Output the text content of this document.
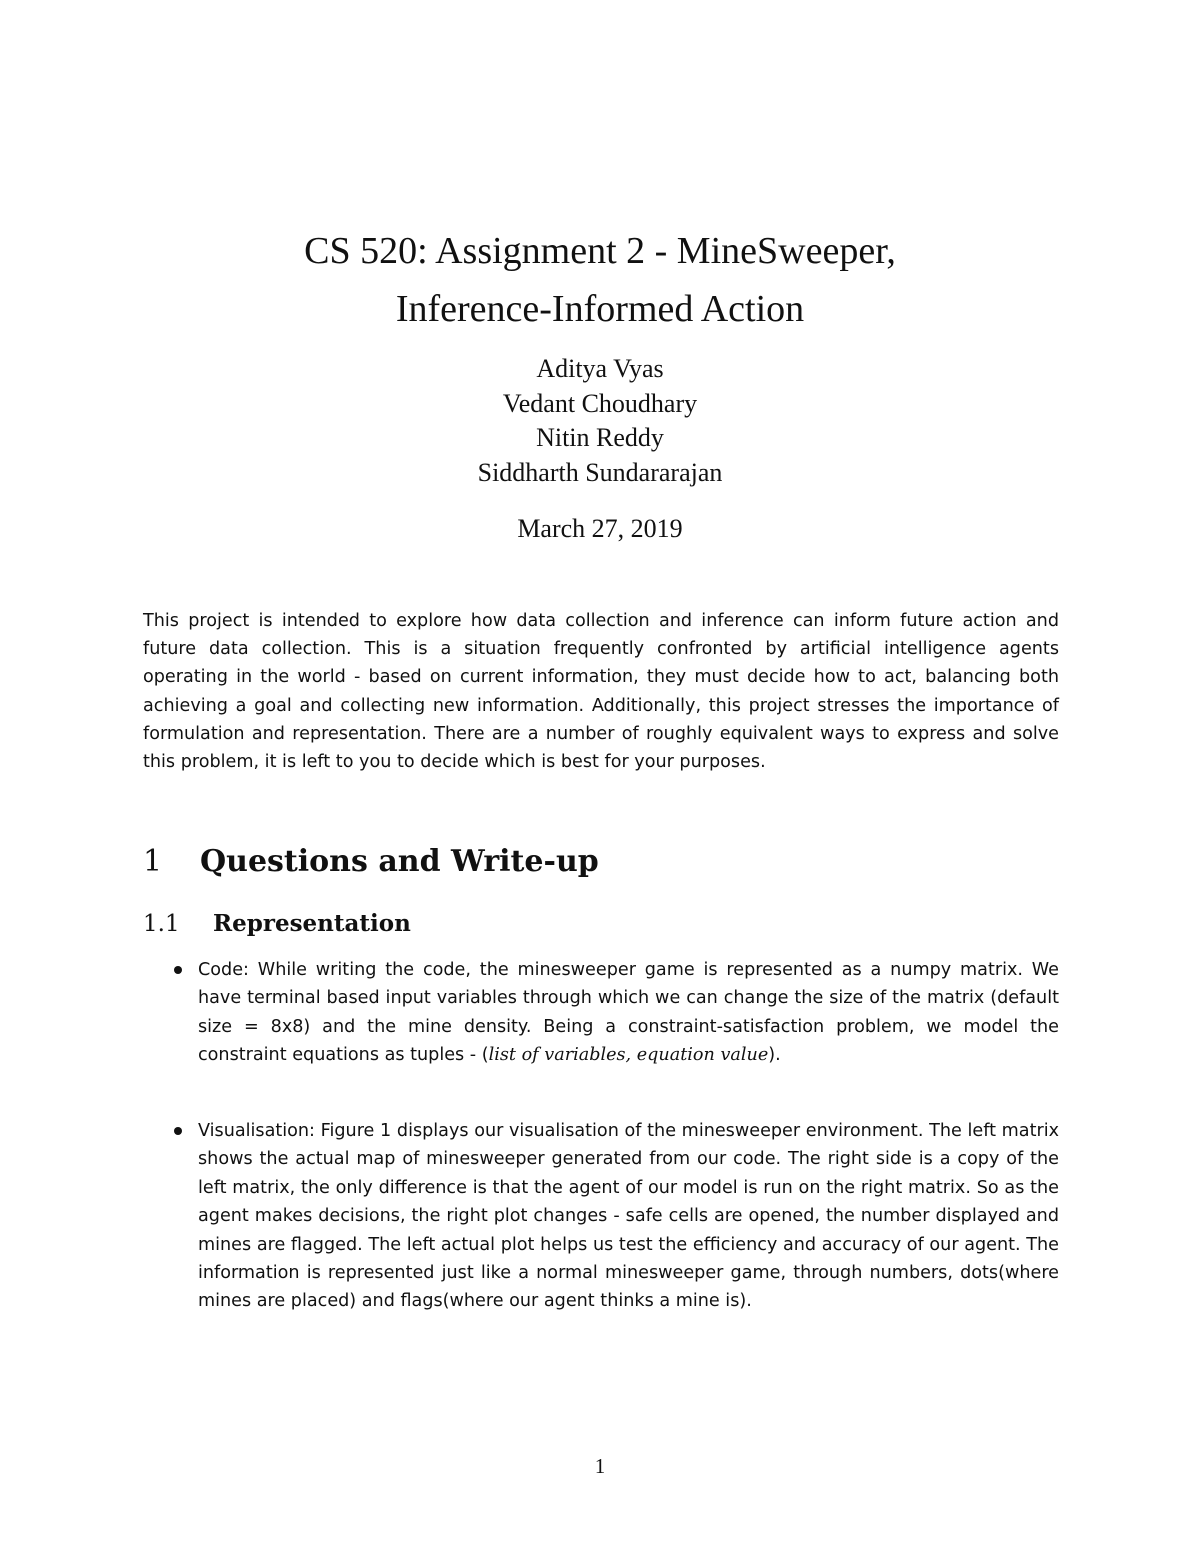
CS 520: Assignment 2 - MineSweeper,
Inference-Informed Action
Aditya Vyas
Vedant Choudhary
Nitin Reddy
Siddharth Sundararajan
March 27, 2019

This project is intended to explore how data collection and inference can inform future action and future data collection. This is a situation frequently confronted by artificial intelligence agents operating in the world - based on current information, they must decide how to act, balancing both achieving a goal and collecting new information. Additionally, this project stresses the importance of formulation and representation. There are a number of roughly equivalent ways to express and solve this problem, it is left to you to decide which is best for your purposes.

1 Questions and Write-up
1.1 Representation

Code: While writing the code, the minesweeper game is represented as a numpy matrix. We have terminal based input variables through which we can change the size of the matrix (default size = 8x8) and the mine density. Being a constraint-satisfaction problem, we model the constraint equations as tuples - (list of variables, equation value).

Visualisation: Figure 1 displays our visualisation of the minesweeper environment. The left matrix shows the actual map of minesweeper generated from our code. The right side is a copy of the left matrix, the only difference is that the agent of our model is run on the right matrix. So as the agent makes decisions, the right plot changes - safe cells are opened, the number displayed and mines are flagged. The left actual plot helps us test the efficiency and accuracy of our agent. The information is represented just like a normal minesweeper game, through numbers, dots(where mines are placed) and flags(where our agent thinks a mine is).

1
